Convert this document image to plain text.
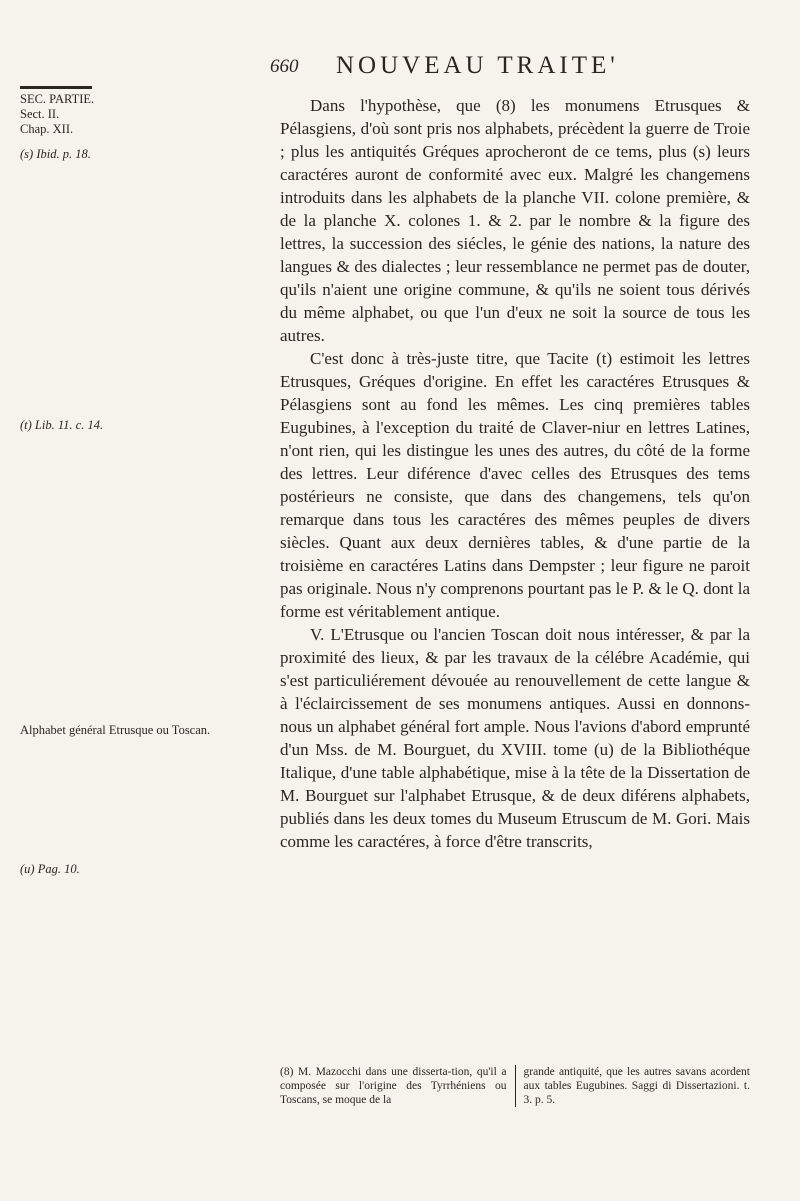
660 NOUVEAU TRAITE'
SEC. PARTIE.
Sect. II.
Chap. XII.
(s) Ibid. p. 18.
(t) Lib. 11. c. 14.
Alphabet général Etrusque ou Toscan.
(u) Pag. 10.

Dans l'hypothèse, que (8) les monumens Etrusques & Pélasgiens, d'où sont pris nos alphabets, précèdent la guerre de Troie ; plus les antiquités Gréques aprocheront de ce tems, plus (s) leurs caractéres auront de conformité avec eux. Malgré les changemens introduits dans les alphabets de la planche VII. colone première, & de la planche X. colones 1. & 2. par le nombre & la figure des lettres, la succession des siécles, le génie des nations, la nature des langues & des dialectes ; leur ressemblance ne permet pas de douter, qu'ils n'aient une origine commune, & qu'ils ne soient tous dérivés du même alphabet, ou que l'un d'eux ne soit la source de tous les autres.

C'est donc à très-juste titre, que Tacite (t) estimoit les lettres Etrusques, Gréques d'origine. En effet les caractéres Etrusques & Pélasgiens sont au fond les mêmes. Les cinq premières tables Eugubines, à l'exception du traité de Claver-niur en lettres Latines, n'ont rien, qui les distingue les unes des autres, du côté de la forme des lettres. Leur diférence d'avec celles des Etrusques des tems postérieurs ne consiste, que dans des changemens, tels qu'on remarque dans tous les caractéres des mêmes peuples de divers siècles. Quant aux deux dernières tables, & d'une partie de la troisième en caractéres Latins dans Dempster ; leur figure ne paroit pas originale. Nous n'y comprenons pourtant pas le P. & le Q. dont la forme est véritablement antique.

V. L'Etrusque ou l'ancien Toscan doit nous intéresser, & par la proximité des lieux, & par les travaux de la célébre Académie, qui s'est particuliérement dévouée au renouvellement de cette langue & à l'éclaircissement de ses monumens antiques. Aussi en donnons-nous un alphabet général fort ample. Nous l'avions d'abord emprunté d'un Mss. de M. Bourguet, du XVIII. tome (u) de la Bibliothéque Italique, d'une table alphabétique, mise à la tête de la Dissertation de M. Bourguet sur l'alphabet Etrusque, & de deux diférens alphabets, publiés dans les deux tomes du Museum Etruscum de M. Gori. Mais comme les caractéres, à force d'être transcrits,

(8) M. Mazocchi dans une disserta-tion, qu'il a composée sur l'origine des Tyrrhéniens ou Toscans, se moque de la
grande antiquité, que les autres savans acordent aux tables Eugubines. Saggi di Dissertazioni. t. 3. p. 5.
